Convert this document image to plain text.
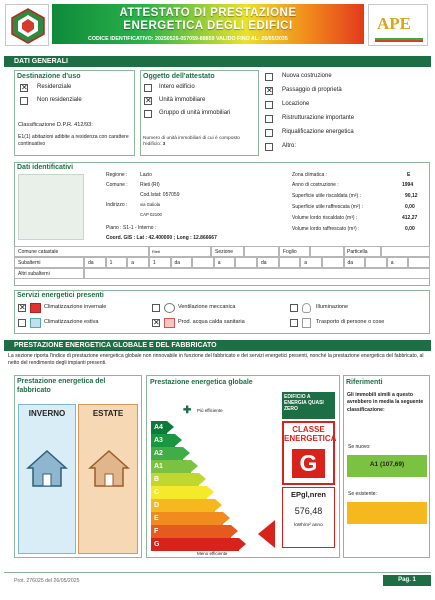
ATTESTATO DI PRESTAZIONE
ENERGETICA DEGLI EDIFICI
CODICE IDENTIFICATIVO: 20250526-057059-88859 VALIDO FINO AL: 26/05/2035
APE
DATI GENERALI
Destinazione d'uso
✕ Residenziale
Non residenziale
Classificazione D.P.R. 412/93:
E1(1) abitazioni adibite a residenza con carattere continuativo
Oggetto dell'attestato
Intero edificio
✕ Unità immobiliare
Gruppo di unità immobiliari
Numero di unità immobiliari di cui è composto l'edificio: 3
Nuova costruzione
✕ Passaggio di proprietà
Locazione
Ristrutturazione importante
Riqualificazione energetica
Altro:
Dati identificativi
Regione :	Lazio
Comune : Rieti (RI)
Cod.Istat: 057059
Indirizzo :	via Galiola
CAP 02100
Piano : S1-1 - Interno :
Coord. GIS : Lat : 42.400000 ; Long : 12.866667
Zona climatica :	E
Anno di costruzione :	1994
Superficie utile riscaldata (m²) :	90,12
Superficie utile raffrescata (m²) :	0,00
Volume lordo riscaldato (m³) :	412,27
Volume lordo raffrescato (m³) :	0,00
Comune catastale	Rieti	Sezione	Foglio	Particella
Subalterni	da	1	a	1	da	a	da	a	da	a
Altri subalterni
Servizi energetici presenti
✕	Climatizzazione invernale
Climatizzazione estiva
Ventilazione meccanica
✕	Prod. acqua calda sanitaria
Illuminazione
Trasporto di persone o cose
PRESTAZIONE ENERGETICA GLOBALE E DEL FABBRICATO
La sezione riporta l'indice di prestazione energetica globale non rinnovabile in funzione del fabbricato e dei servizi energetici presenti, nonché la prestazione energetica del fabbricato, al netto del rendimento degli impianti presenti.
Prestazione energetica del fabbricato
INVERNO	ESTATE
Prestazione energetica globale
✚ Più efficiente
A4
A3
A2
A1
B
C
D
E
F
G
Meno efficiente
EDIFICIO A ENERGIA QUASI ZERO
CLASSE ENERGETICA
G
EPgl,nren
576,48
kWh/m² anno
Riferimenti
Gli immobili simili a questo avrebbero in media la seguente classificazione:
Se nuovo:
A1 (107,69)
Se esistente:
Prot. 276025 del 26/05/2025	Pag. 1
